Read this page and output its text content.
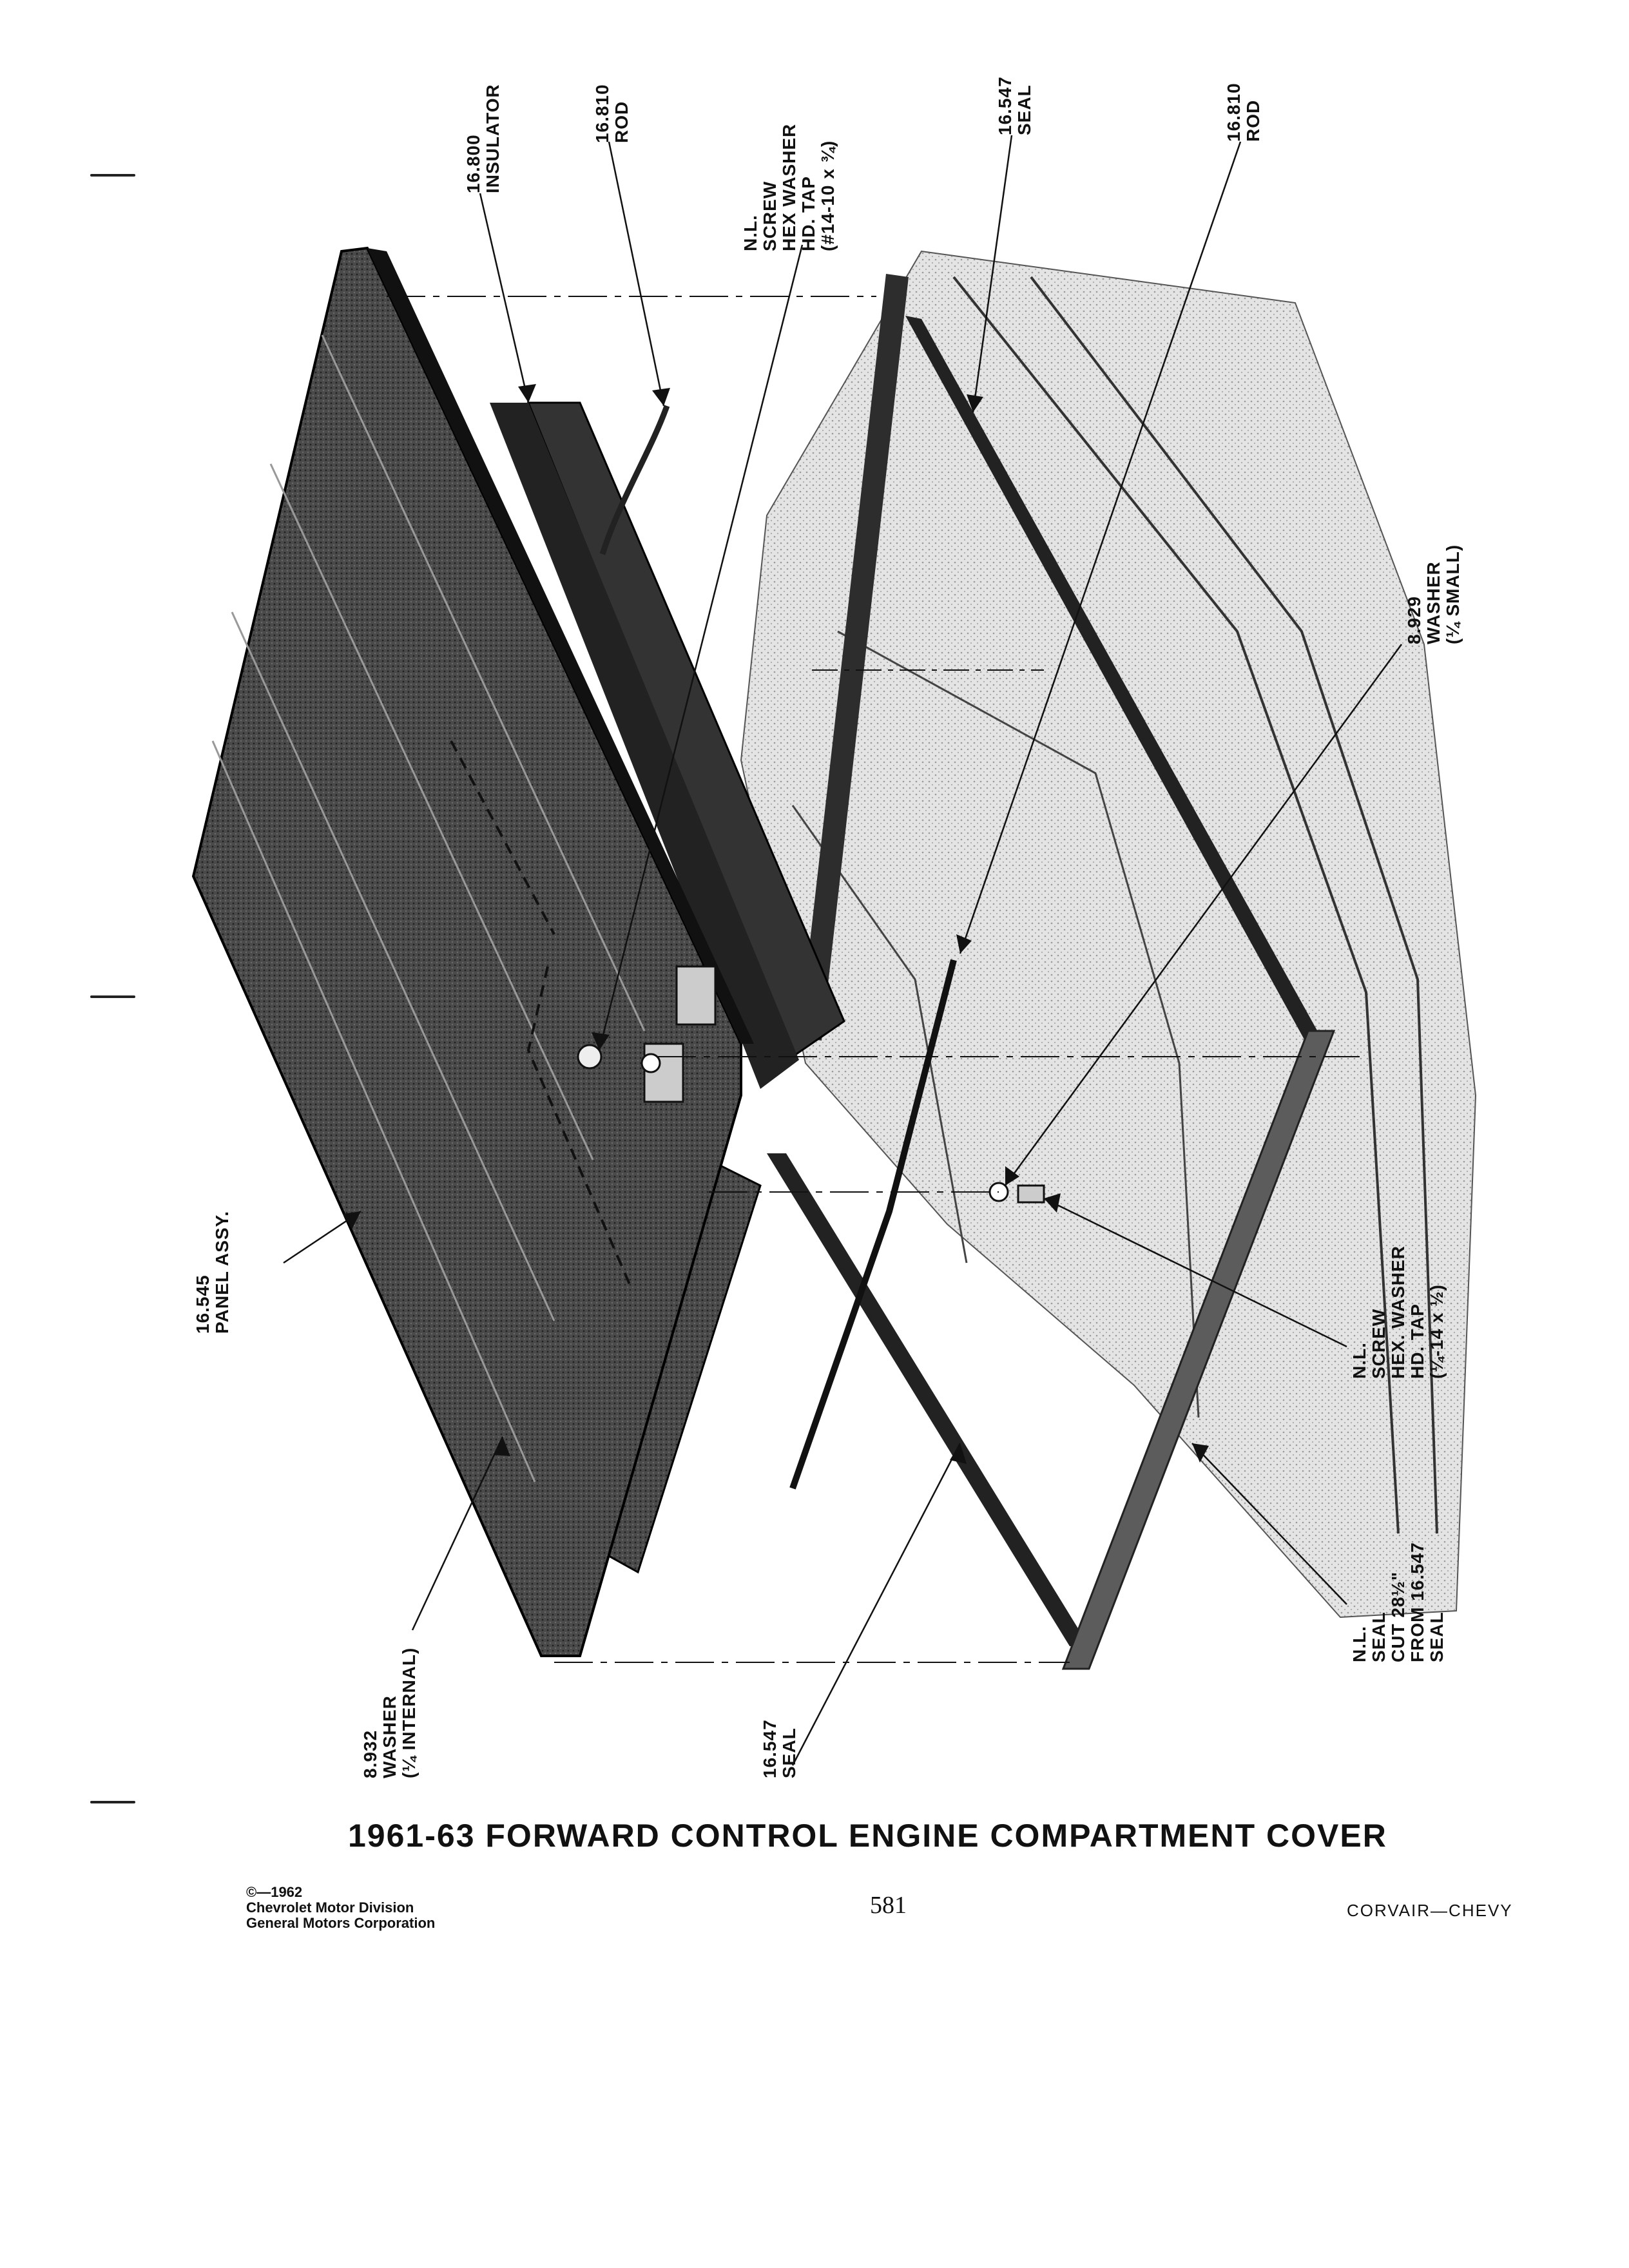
16.800 INSULATOR	16.810 ROD
N.L. SCREW HEX WASHER HD. TAP (#14-10 x ¾)
16.547 SEAL	16.810 ROD
8.929 WASHER (¼ SMALL)
16.545 PANEL ASSY.
N.L. SCREW HEX. WASHER HD. TAP (¼-14 x ½)
N.L. SEAL CUT 28½" FROM 16.547 SEAL
8.932 WASHER (¼ INTERNAL)	16.547 SEAL
1961-63 FORWARD CONTROL ENGINE COMPARTMENT COVER
©—1962
Chevrolet Motor Division
General Motors Corporation
581	CORVAIR—CHEVY
